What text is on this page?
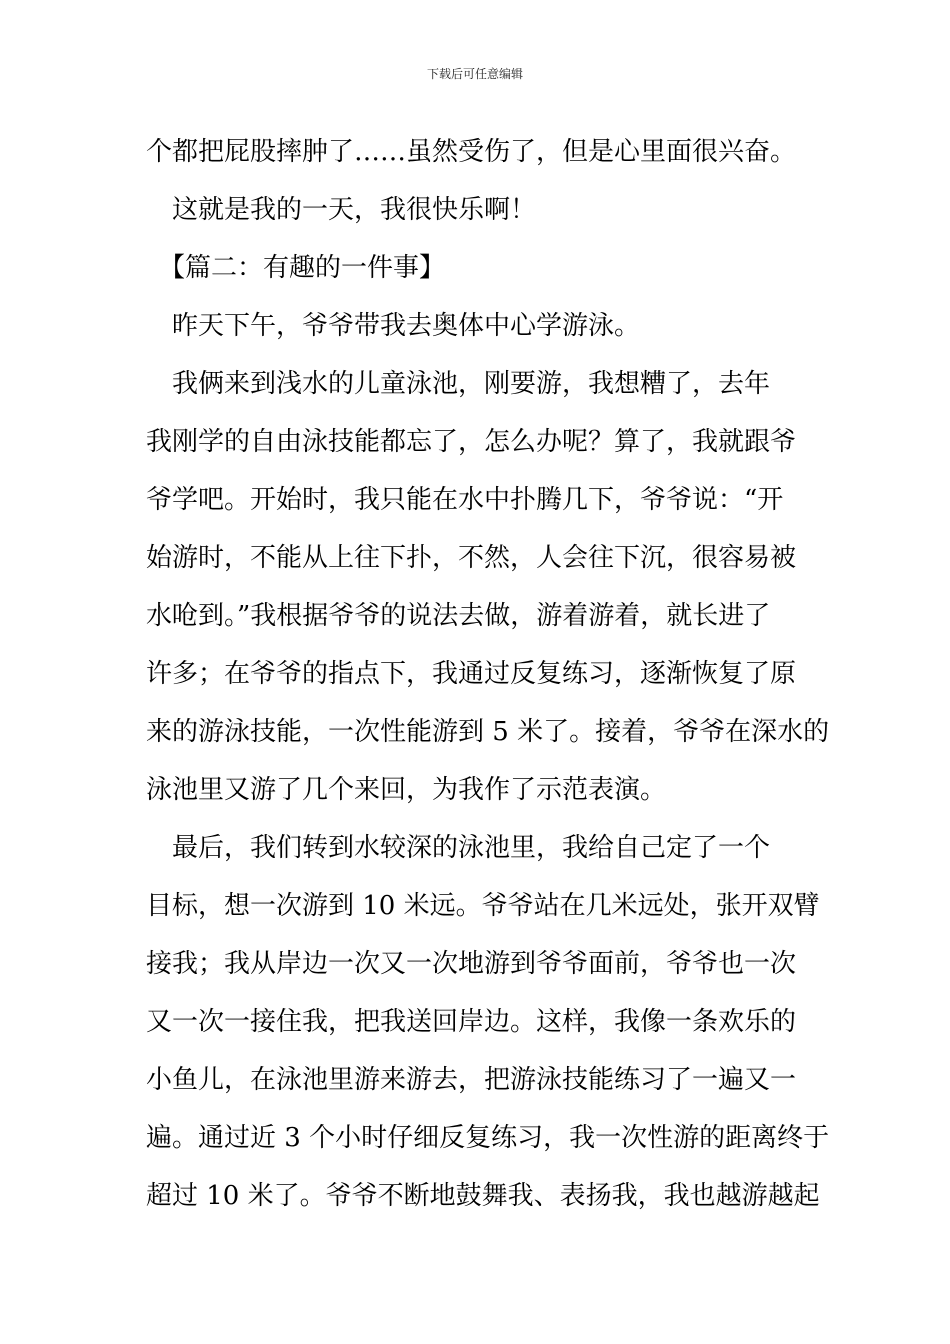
下载后可任意编辑
个都把屁股摔肿了……虽然受伤了，但是心里面很兴奋。
　这就是我的一天，我很快乐啊！
　【篇二：有趣的一件事】
　昨天下午，爷爷带我去奥体中心学游泳。
　我俩来到浅水的儿童泳池，刚要游，我想糟了，去年
我刚学的自由泳技能都忘了，怎么办呢？算了，我就跟爷
爷学吧。开始时，我只能在水中扑腾几下，爷爷说：“开
始游时，不能从上往下扑，不然，人会往下沉，很容易被
水呛到。”我根据爷爷的说法去做，游着游着，就长进了
许多；在爷爷的指点下，我通过反复练习，逐渐恢复了原
来的游泳技能，一次性能游到 5 米了。接着，爷爷在深水的
泳池里又游了几个来回，为我作了示范表演。
　最后，我们转到水较深的泳池里，我给自己定了一个
目标，想一次游到 10 米远。爷爷站在几米远处，张开双臂
接我；我从岸边一次又一次地游到爷爷面前，爷爷也一次
又一次一接住我，把我送回岸边。这样，我像一条欢乐的
小鱼儿，在泳池里游来游去，把游泳技能练习了一遍又一
遍。通过近 3 个小时仔细反复练习，我一次性游的距离终于
超过 10 米了。爷爷不断地鼓舞我、表扬我，我也越游越起
